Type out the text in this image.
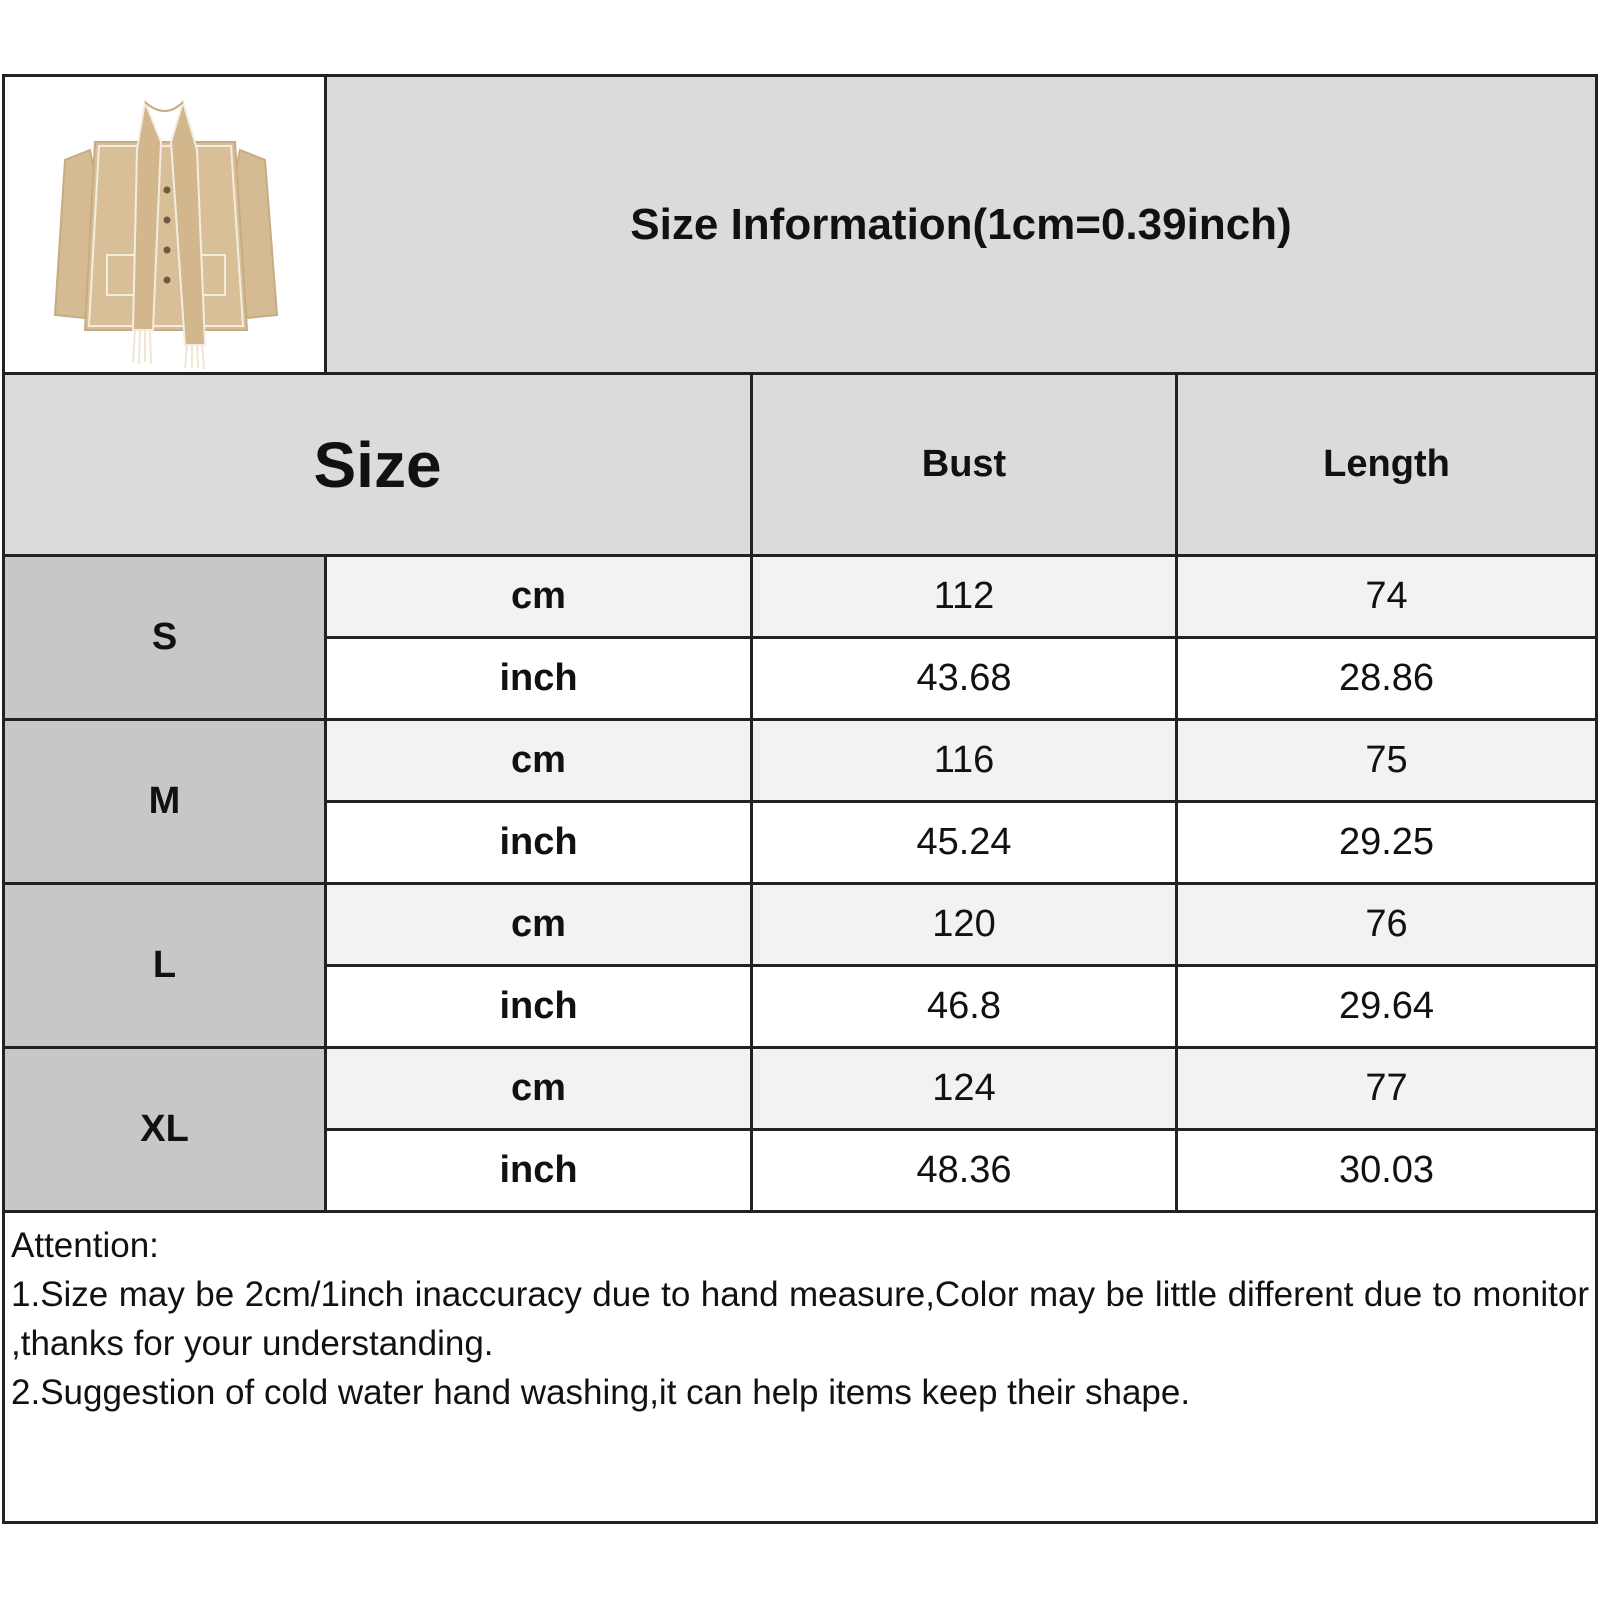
Size Information(1cm=0.39inch)
Size	Bust	Length
S
cm	112	74
inch	43.68	28.86
M
cm	116	75
inch	45.24	29.25
L
cm	120	76
inch	46.8	29.64
XL
cm	124	77
inch	48.36	30.03

Attention:

1.Size may be 2cm/1inch inaccuracy due to hand measure,Color may be little different due to monitor ,thanks for your understanding.

2.Suggestion of cold water hand washing,it can help items keep their shape.
